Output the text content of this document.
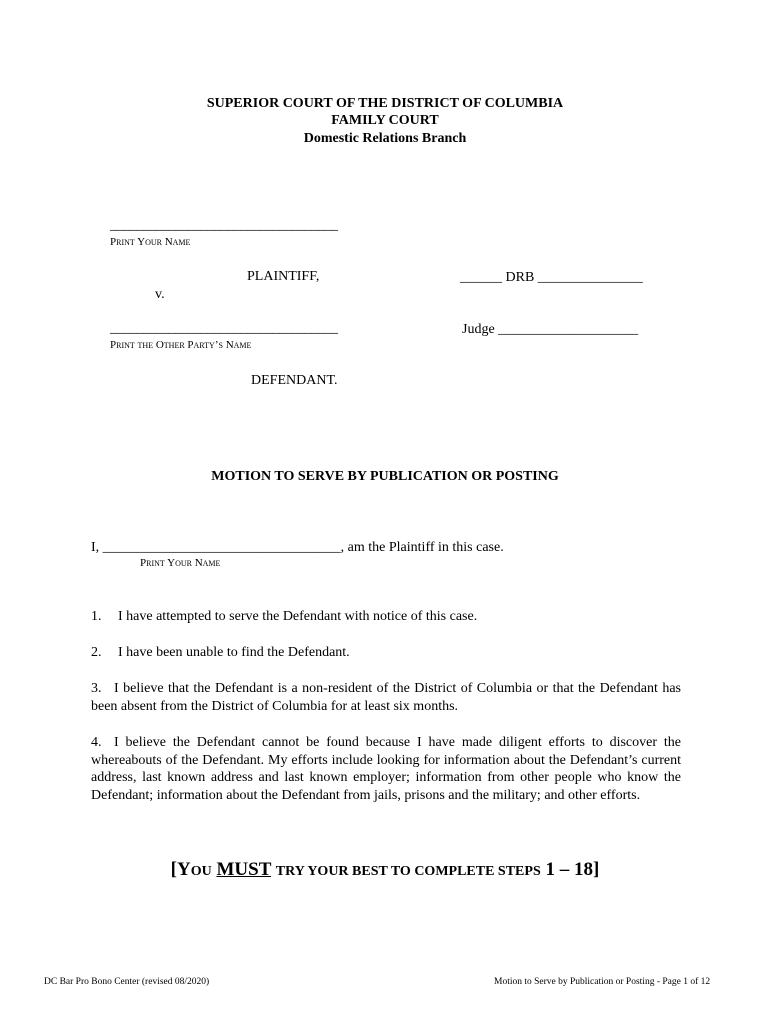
SUPERIOR COURT OF THE DISTRICT OF COLUMBIA
FAMILY COURT
Domestic Relations Branch
___________________________________
Print Your Name
PLAINTIFF,	______ DRB _______________
v.
___________________________________	Judge ____________________
Print the Other Party’s Name
DEFENDANT.
MOTION TO SERVE BY PUBLICATION OR POSTING
I, __________________________________, am the Plaintiff in this case.
Print Your Name
1. I have attempted to serve the Defendant with notice of this case.
2. I have been unable to find the Defendant.
3. I believe that the Defendant is a non-resident of the District of Columbia or that the Defendant has been absent from the District of Columbia for at least six months.
4. I believe the Defendant cannot be found because I have made diligent efforts to discover the whereabouts of the Defendant. My efforts include looking for information about the Defendant’s current address, last known address and last known employer; information from other people who know the Defendant; information about the Defendant from jails, prisons and the military; and other efforts.
[YOU MUST TRY YOUR BEST TO COMPLETE STEPS 1 – 18]
DC Bar Pro Bono Center (revised 08/2020)	Motion to Serve by Publication or Posting - Page 1 of 12
